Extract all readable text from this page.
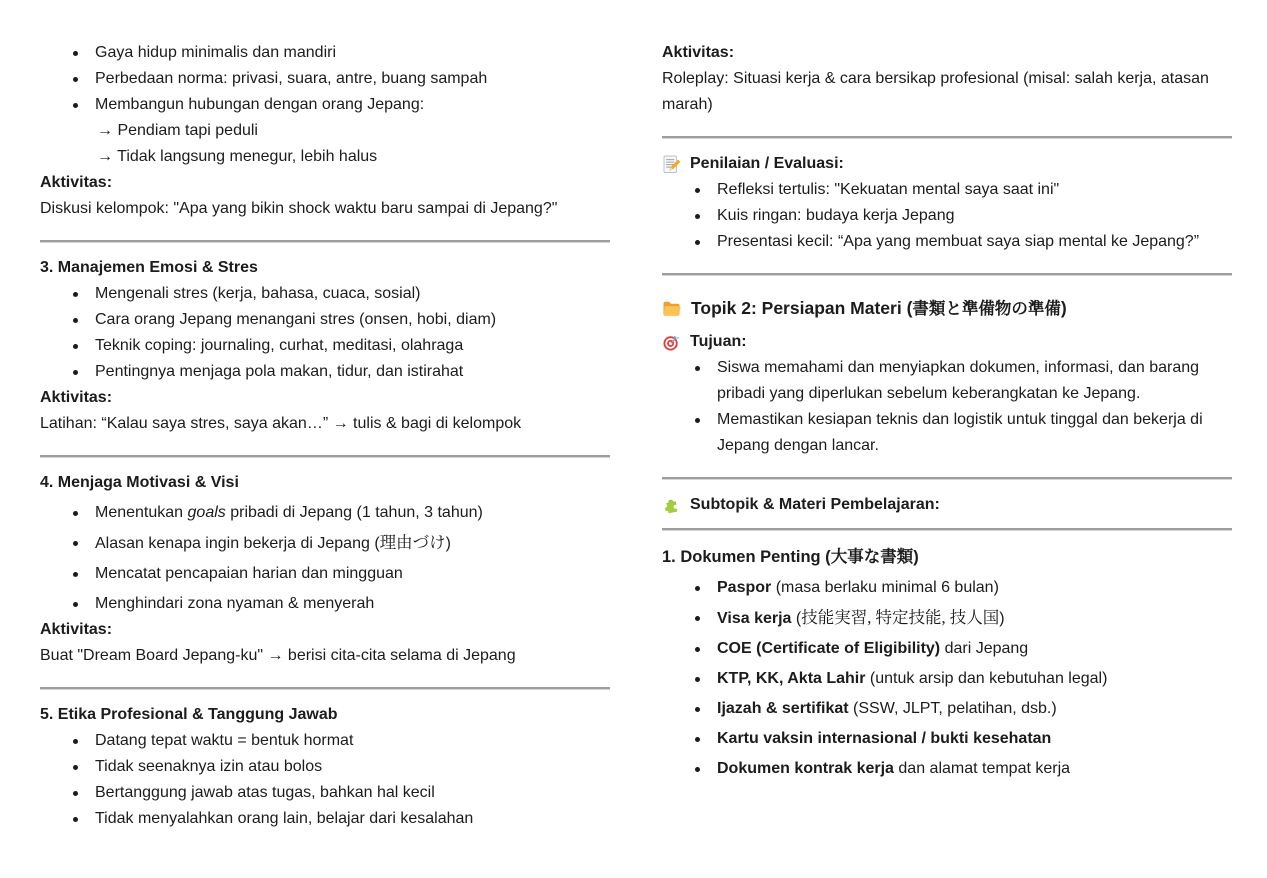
Gaya hidup minimalis dan mandiri
Perbedaan norma: privasi, suara, antre, buang sampah
Membangun hubungan dengan orang Jepang:
→ Pendiam tapi peduli
→ Tidak langsung menegur, lebih halus
Aktivitas:

Diskusi kelompok: "Apa yang bikin shock waktu baru sampai di Jepang?"

3. Manajemen Emosi & Stres
Mengenali stres (kerja, bahasa, cuaca, sosial)
Cara orang Jepang menangani stres (onsen, hobi, diam)
Teknik coping: journaling, curhat, meditasi, olahraga
Pentingnya menjaga pola makan, tidur, dan istirahat
Aktivitas:

Latihan: “Kalau saya stres, saya akan…” → tulis & bagi di kelompok

4. Menjaga Motivasi & Visi
Menentukan goals pribadi di Jepang (1 tahun, 3 tahun)
Alasan kenapa ingin bekerja di Jepang (理由づけ)
Mencatat pencapaian harian dan mingguan
Menghindari zona nyaman & menyerah
Aktivitas:

Buat "Dream Board Jepang-ku" → berisi cita-cita selama di Jepang

5. Etika Profesional & Tanggung Jawab
Datang tepat waktu = bentuk hormat
Tidak seenaknya izin atau bolos
Bertanggung jawab atas tugas, bahkan hal kecil
Tidak menyalahkan orang lain, belajar dari kesalahan
Aktivitas:

Roleplay: Situasi kerja & cara bersikap profesional (misal: salah kerja, atasan marah)

Penilaian / Evaluasi:
Refleksi tertulis: "Kekuatan mental saya saat ini"
Kuis ringan: budaya kerja Jepang
Presentasi kecil: “Apa yang membuat saya siap mental ke Jepang?”
Topik 2: Persiapan Materi (書類と準備物の準備)
Tujuan:
Siswa memahami dan menyiapkan dokumen, informasi, dan barang pribadi yang diperlukan sebelum keberangkatan ke Jepang.
Memastikan kesiapan teknis dan logistik untuk tinggal dan bekerja di Jepang dengan lancar.
Subtopik & Materi Pembelajaran:
1. Dokumen Penting (大事な書類)
Paspor (masa berlaku minimal 6 bulan)
Visa kerja (技能実習, 特定技能, 技人国)
COE (Certificate of Eligibility) dari Jepang
KTP, KK, Akta Lahir (untuk arsip dan kebutuhan legal)
Ijazah & sertifikat (SSW, JLPT, pelatihan, dsb.)
Kartu vaksin internasional / bukti kesehatan
Dokumen kontrak kerja dan alamat tempat kerja
